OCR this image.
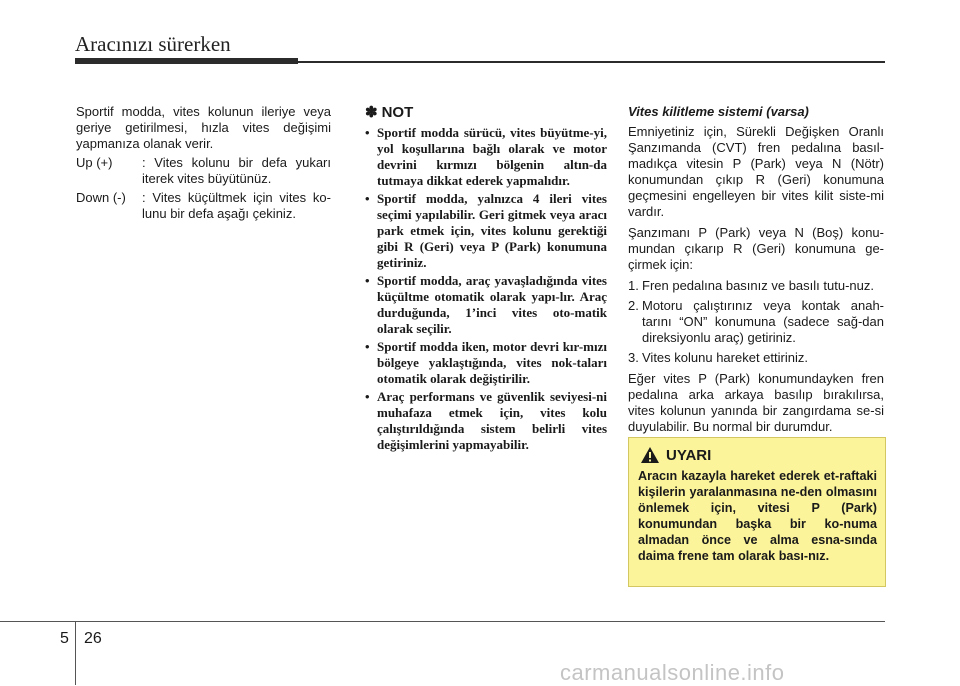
Aracınızı sürerken

Sportif modda, vites kolunun ileriye veya geriye getirilmesi, hızla vites değişimi yapmanıza olanak verir.

Up (+)	: Vites kolunu bir defa yukarı iterek vites büyütünüz.
Down (-)	: Vites küçültmek için vites ko-lunu bir defa aşağı çekiniz.
✽ NOT
• Sportif modda sürücü, vites büyütme-yi, yol koşullarına bağlı olarak ve motor devrini kırmızı bölgenin altın-da tutmaya dikkat ederek yapmalıdır.
• Sportif modda, yalnızca 4 ileri vites seçimi yapılabilir. Geri gitmek veya aracı park etmek için, vites kolunu gerektiği gibi R (Geri) veya P (Park) konumuna getiriniz.
• Sportif modda, araç yavaşladığında vites küçültme otomatik olarak yapı-lır. Araç durduğunda, 1’inci vites oto-matik olarak seçilir.
• Sportif modda iken, motor devri kır-mızı bölgeye yaklaştığında, vites nok-taları otomatik olarak değiştirilir.
• Araç performans ve güvenlik seviyesi-ni muhafaza etmek için, vites kolu çalıştırıldığında sistem belirli vites değişimlerini yapmayabilir.

Vites kilitleme sistemi (varsa)

Emniyetiniz için, Sürekli Değişken Oranlı Şanzımanda (CVT) fren pedalına basıl-madıkça vitesin P (Park) veya N (Nötr) konumundan çıkıp R (Geri) konumuna geçmesini engelleyen bir vites kilit siste-mi vardır.

Şanzımanı P (Park) veya N (Boş) konu-mundan çıkarıp R (Geri) konumuna ge-çirmek için:

1. Fren pedalına basınız ve basılı tutu-nuz.
2. Motoru çalıştırınız veya kontak anah-tarını “ON” konumuna (sadece sağ-dan direksiyonlu araç) getiriniz.
3. Vites kolunu hareket ettiriniz.

Eğer vites P (Park) konumundayken fren pedalına arka arkaya basılıp bırakılırsa, vites kolunun yanında bir zangırdama se-si duyulabilir. Bu normal bir durumdur.

UYARI

Aracın kazayla hareket ederek et-raftaki kişilerin yaralanmasına ne-den olmasını önlemek için, vitesi P (Park) konumundan başka bir ko-numa almadan önce ve alma esna-sında daima frene tam olarak bası-nız.

5 26
carmanualsonline.info
